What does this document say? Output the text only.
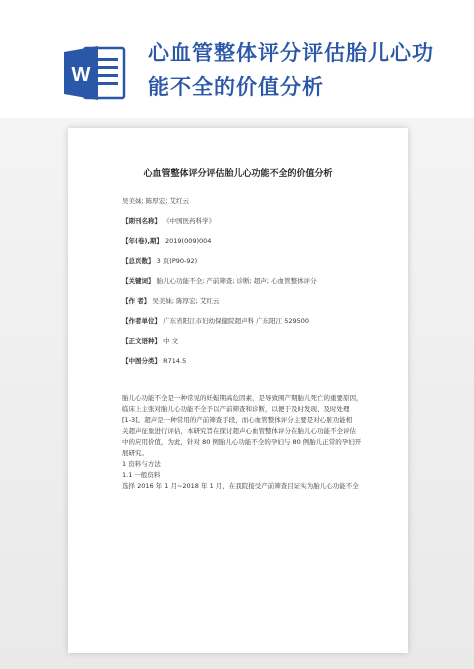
W
心血管整体评分评估胎儿心功
能不全的价值分析
心血管整体评分评估胎儿心功能不全的价值分析
吴美妹; 陈厚宏; 艾红云
【期刊名称】 《中国医药科学》
【年(卷),期】 2019(009)004
【总页数】 3 页(P90-92)
【关键词】 胎儿心功能不全; 产前筛查; 诊断; 超声; 心血管整体评分
【作 者】 吴美妹; 陈厚宏; 艾红云
【作者单位】 广东省阳江市妇幼保健院超声科 广东阳江 529500
【正文语种】 中 文
【中图分类】 R714.5

胎儿心功能不全是一种常见的妊娠期高危因素，是导致围产期胎儿死亡的重要原因，

临床上主张对胎儿心功能不全予以产前筛查和诊断，以便于及时发现、及时处理

[1-3]。超声是一种常用的产前筛查手段，而心血管整体评分主要是对心脏功能相

关超声征象进行评估，本研究旨在探讨超声心血管整体评分在胎儿心功能不全评估

中的应用价值，为此，针对 80 例胎儿心功能不全的孕妇与 80 例胎儿正常的孕妇开

展研究。

1 资料与方法

1.1 一般资料

选择 2016 年 1 月~2018 年 1 月，在我院接受产前筛查目证实为胎儿心功能不全
